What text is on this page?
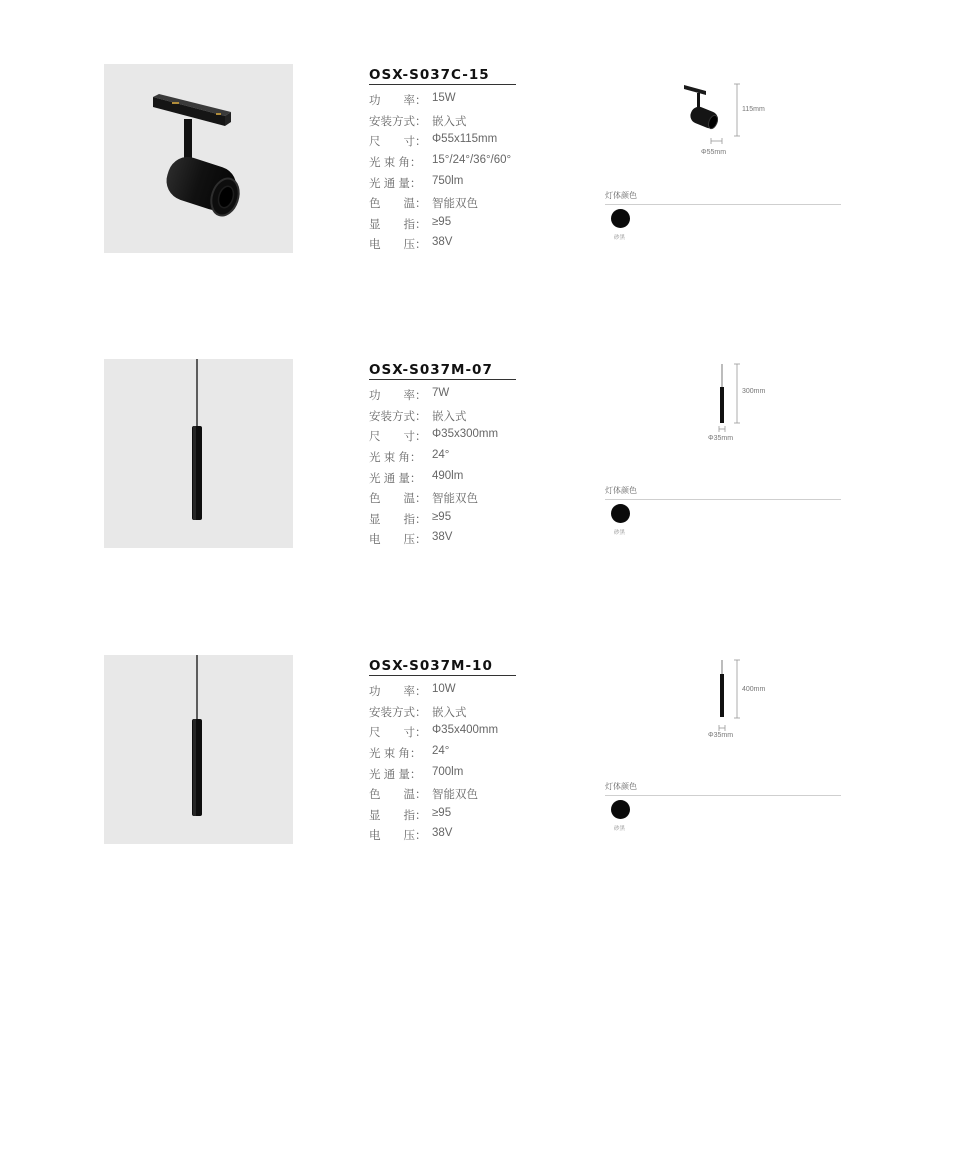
OSX-S037C-15
功　　率： 15W
安装方式： 嵌入式
尺　　寸： Φ55x115mm
光 束 角： 15°/24°/36°/60°
光 通 量： 750lm
色　　温： 智能双色
显　　指： ≥95
电　　压： 38V
115mm
Φ55mm
灯体颜色
砂黑
OSX-S037M-07
功　　率： 7W
安装方式： 嵌入式
尺　　寸： Φ35x300mm
光 束 角： 24°
光 通 量： 490lm
色　　温： 智能双色
显　　指： ≥95
电　　压： 38V
300mm
Φ35mm
灯体颜色
砂黑
OSX-S037M-10
功　　率： 10W
安装方式： 嵌入式
尺　　寸： Φ35x400mm
光 束 角： 24°
光 通 量： 700lm
色　　温： 智能双色
显　　指： ≥95
电　　压： 38V
400mm
Φ35mm
灯体颜色
砂黑
